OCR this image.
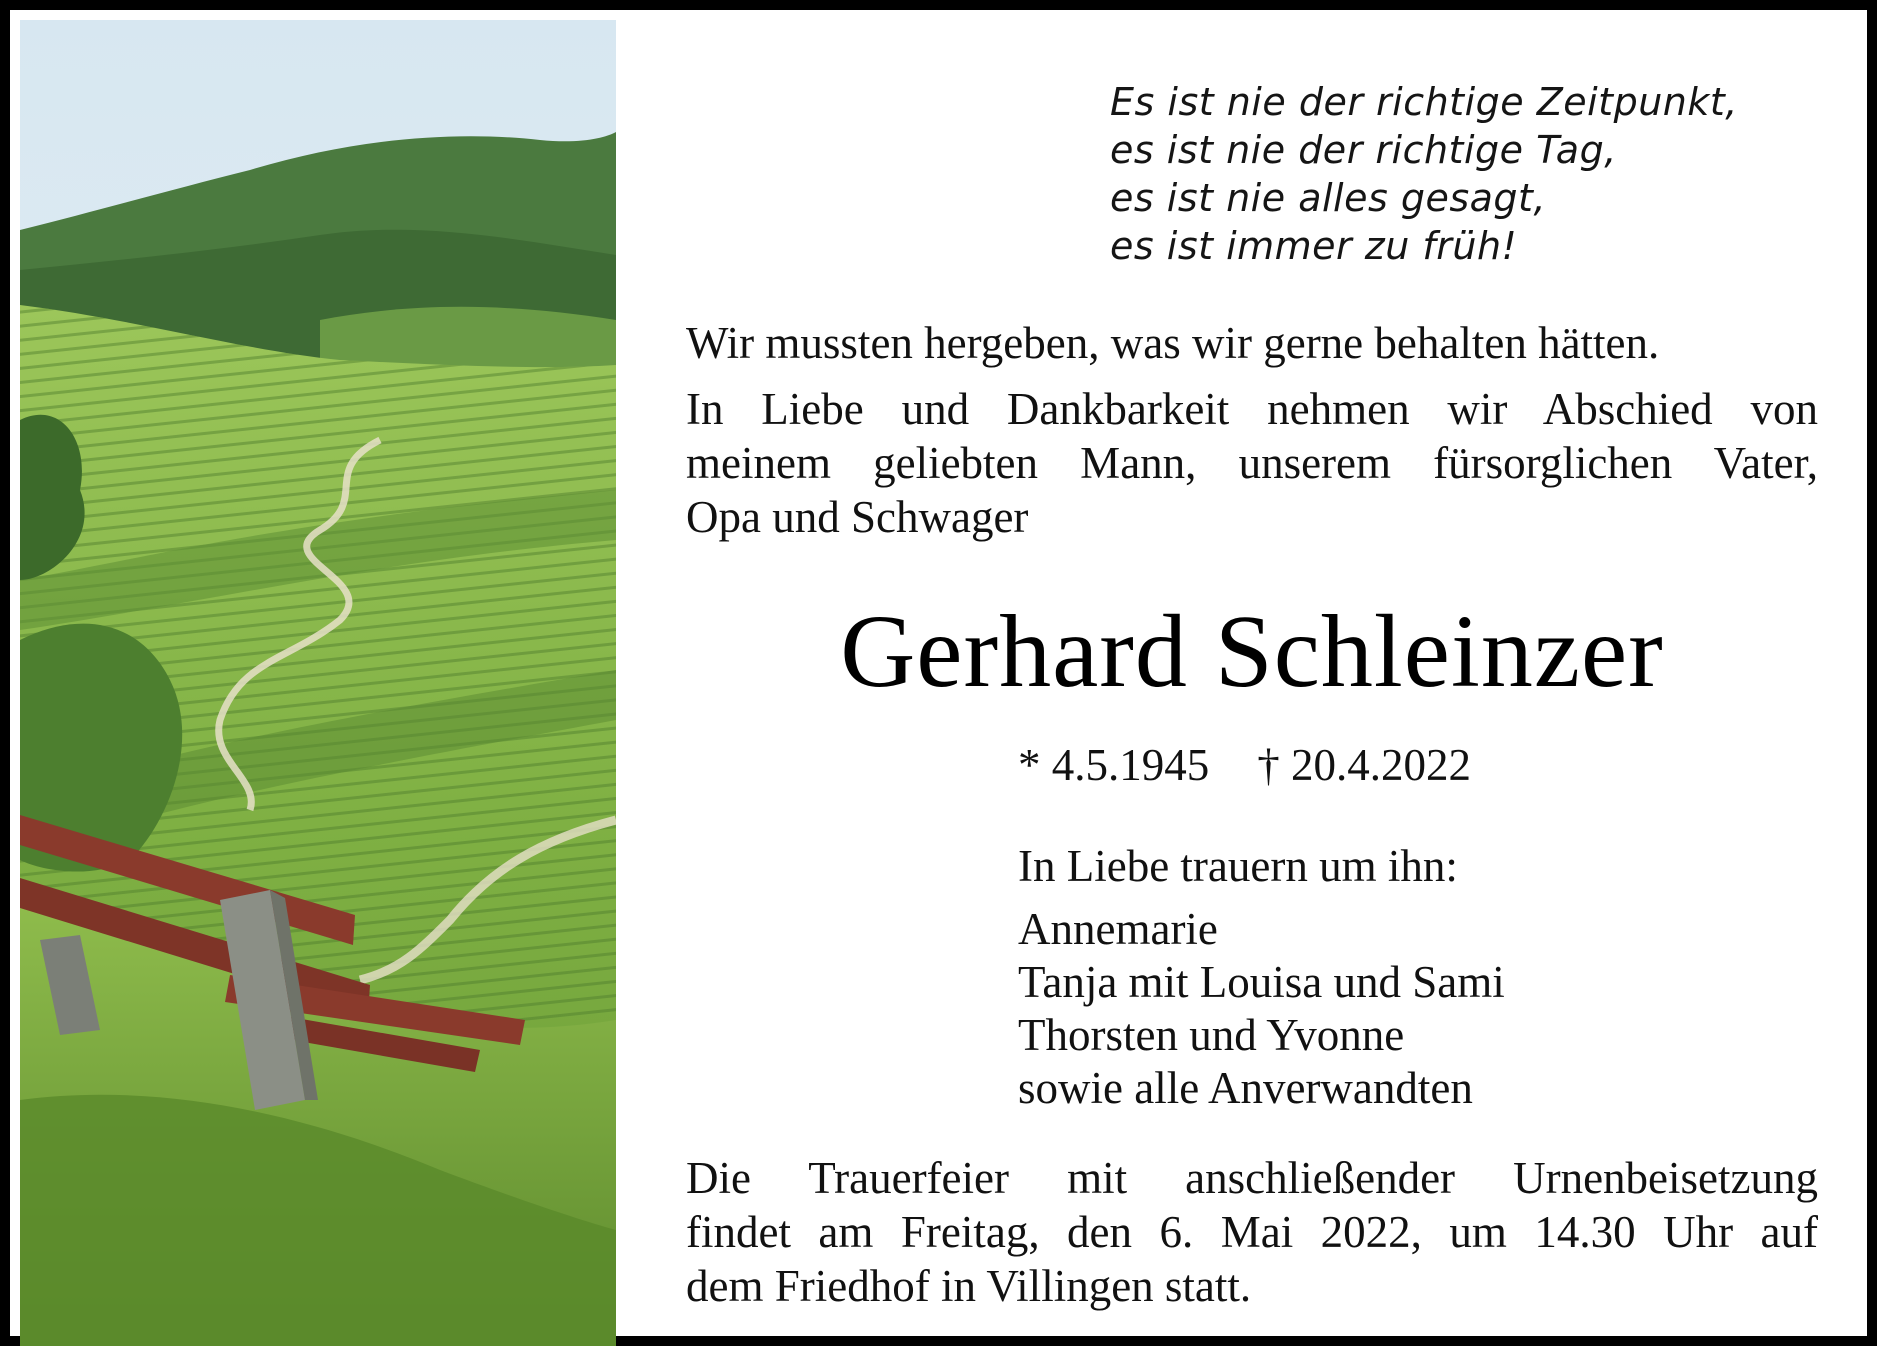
Es ist nie der richtige Zeitpunkt,
es ist nie der richtige Tag,
es ist nie alles gesagt,
es ist immer zu früh!
Wir mussten hergeben, was wir gerne behalten hätten.
In Liebe und Dankbarkeit nehmen wir Abschied von
meinem geliebten Mann, unserem fürsorglichen Vater,
Opa und Schwager
Gerhard Schleinzer
* 4.5.1945 † 20.4.2022
In Liebe trauern um ihn:
Annemarie
Tanja mit Louisa und Sami
Thorsten und Yvonne
sowie alle Anverwandten
Die Trauerfeier mit anschließender Urnenbeisetzung
findet am Freitag, den 6. Mai 2022, um 14.30 Uhr auf
dem Friedhof in Villingen statt.
